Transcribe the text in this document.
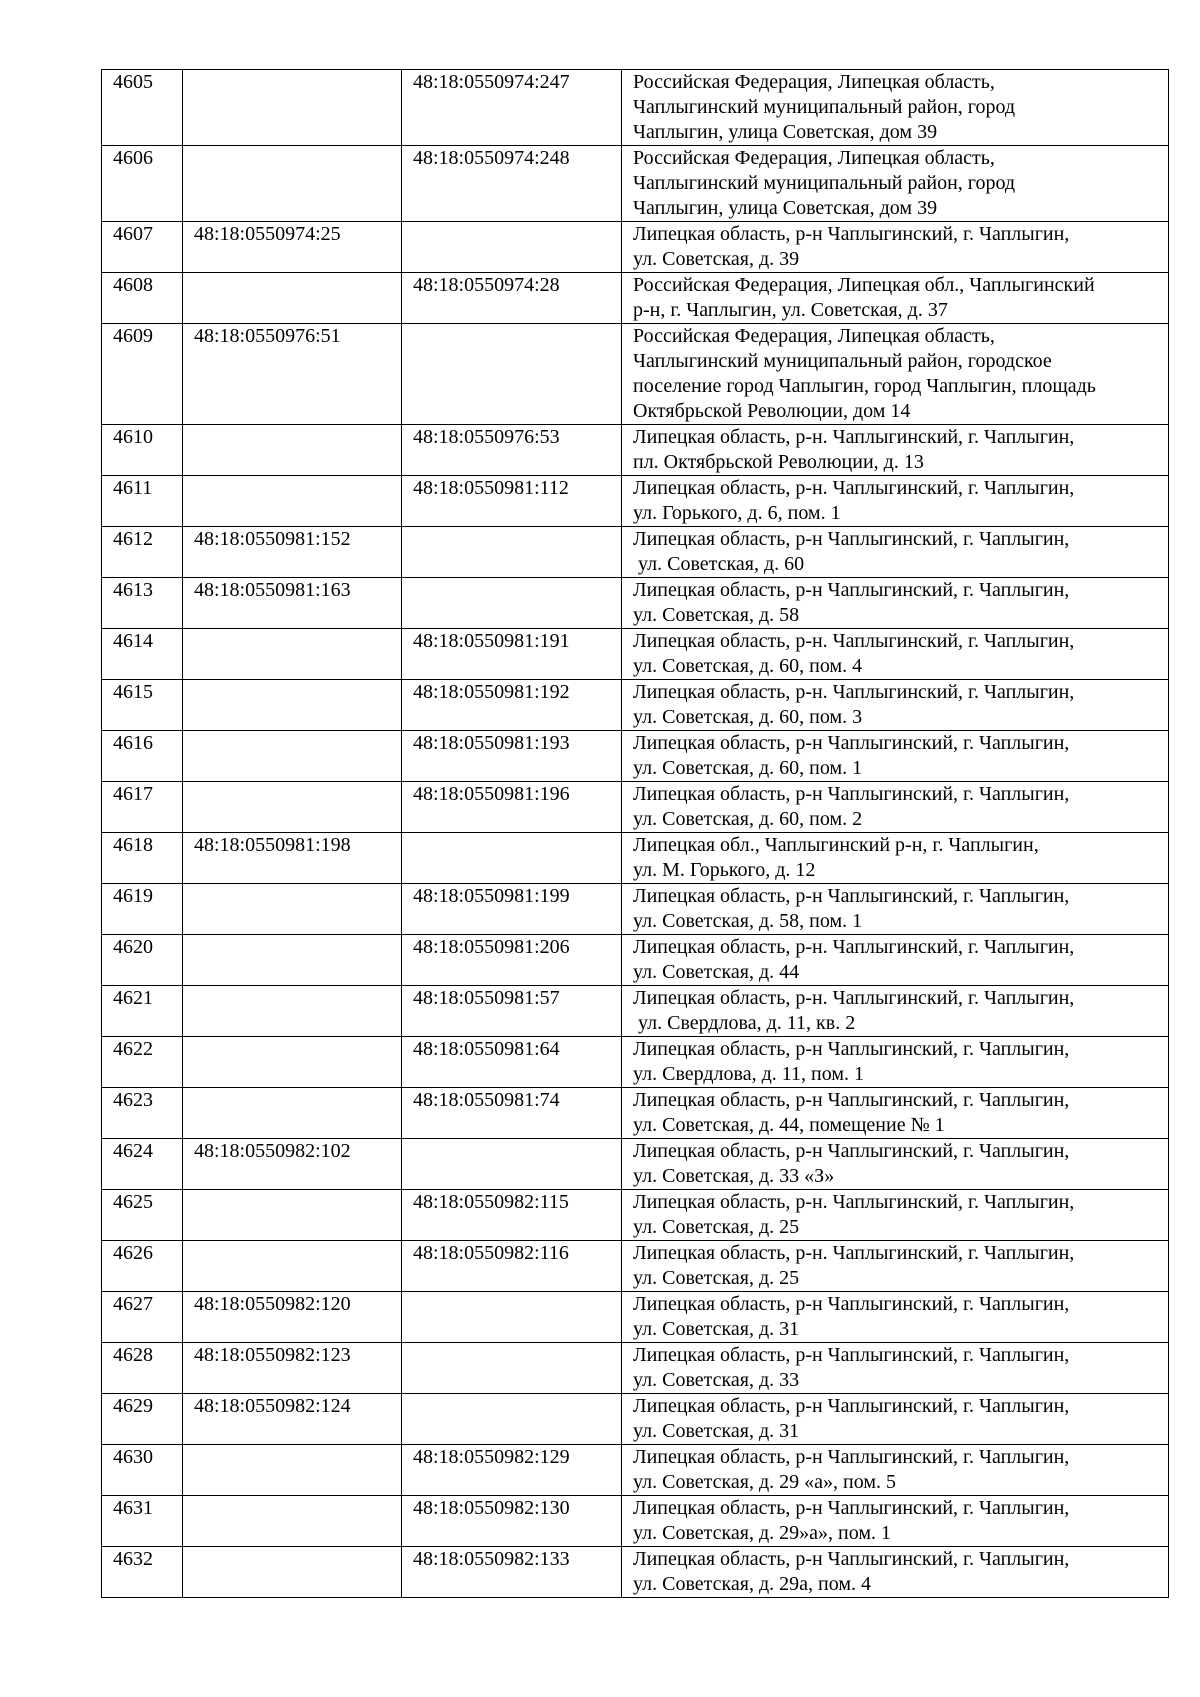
4605		48:18:0550974:247	Российская Федерация, Липецкая область,
Чаплыгинский муниципальный район, город
Чаплыгин, улица Советская, дом 39
4606		48:18:0550974:248	Российская Федерация, Липецкая область,
Чаплыгинский муниципальный район, город
Чаплыгин, улица Советская, дом 39
4607	48:18:0550974:25		Липецкая область, р-н Чаплыгинский, г. Чаплыгин,
ул. Советская, д. 39
4608		48:18:0550974:28	Российская Федерация, Липецкая обл., Чаплыгинский
р-н, г. Чаплыгин, ул. Советская, д. 37
4609	48:18:0550976:51		Российская Федерация, Липецкая область,
Чаплыгинский муниципальный район, городское
поселение город Чаплыгин, город Чаплыгин, площадь
Октябрьской Революции, дом 14
4610		48:18:0550976:53	Липецкая область, р-н. Чаплыгинский, г. Чаплыгин,
пл. Октябрьской Революции, д. 13
4611		48:18:0550981:112	Липецкая область, р-н. Чаплыгинский, г. Чаплыгин,
ул. Горького, д. 6, пом. 1
4612	48:18:0550981:152		Липецкая область, р-н Чаплыгинский, г. Чаплыгин,
ул. Советская, д. 60
4613	48:18:0550981:163		Липецкая область, р-н Чаплыгинский, г. Чаплыгин,
ул. Советская, д. 58
4614		48:18:0550981:191	Липецкая область, р-н. Чаплыгинский, г. Чаплыгин,
ул. Советская, д. 60, пом. 4
4615		48:18:0550981:192	Липецкая область, р-н. Чаплыгинский, г. Чаплыгин,
ул. Советская, д. 60, пом. 3
4616		48:18:0550981:193	Липецкая область, р-н Чаплыгинский, г. Чаплыгин,
ул. Советская, д. 60, пом. 1
4617		48:18:0550981:196	Липецкая область, р-н Чаплыгинский, г. Чаплыгин,
ул. Советская, д. 60, пом. 2
4618	48:18:0550981:198		Липецкая обл., Чаплыгинский р-н, г. Чаплыгин,
ул. М. Горького, д. 12
4619		48:18:0550981:199	Липецкая область, р-н Чаплыгинский, г. Чаплыгин,
ул. Советская, д. 58, пом. 1
4620		48:18:0550981:206	Липецкая область, р-н. Чаплыгинский, г. Чаплыгин,
ул. Советская, д. 44
4621		48:18:0550981:57	Липецкая область, р-н. Чаплыгинский, г. Чаплыгин,
ул. Свердлова, д. 11, кв. 2
4622		48:18:0550981:64	Липецкая область, р-н Чаплыгинский, г. Чаплыгин,
ул. Свердлова, д. 11, пом. 1
4623		48:18:0550981:74	Липецкая область, р-н Чаплыгинский, г. Чаплыгин,
ул. Советская, д. 44, помещение № 1
4624	48:18:0550982:102		Липецкая область, р-н Чаплыгинский, г. Чаплыгин,
ул. Советская, д. 33 «З»
4625		48:18:0550982:115	Липецкая область, р-н. Чаплыгинский, г. Чаплыгин,
ул. Советская, д. 25
4626		48:18:0550982:116	Липецкая область, р-н. Чаплыгинский, г. Чаплыгин,
ул. Советская, д. 25
4627	48:18:0550982:120		Липецкая область, р-н Чаплыгинский, г. Чаплыгин,
ул. Советская, д. 31
4628	48:18:0550982:123		Липецкая область, р-н Чаплыгинский, г. Чаплыгин,
ул. Советская, д. 33
4629	48:18:0550982:124		Липецкая область, р-н Чаплыгинский, г. Чаплыгин,
ул. Советская, д. 31
4630		48:18:0550982:129	Липецкая область, р-н Чаплыгинский, г. Чаплыгин,
ул. Советская, д. 29 «а», пом. 5
4631		48:18:0550982:130	Липецкая область, р-н Чаплыгинский, г. Чаплыгин,
ул. Советская, д. 29»а», пом. 1
4632		48:18:0550982:133	Липецкая область, р-н Чаплыгинский, г. Чаплыгин,
ул. Советская, д. 29а, пом. 4
